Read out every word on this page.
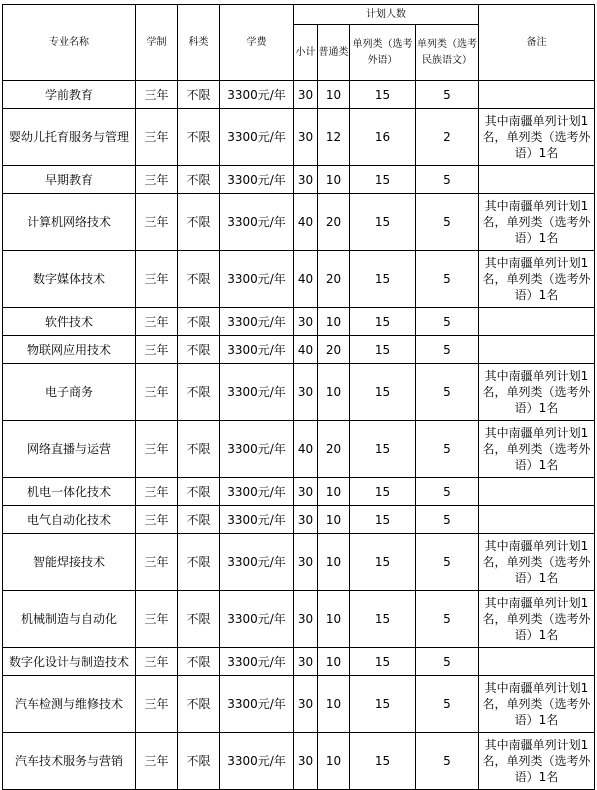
专业名称	学制	科类	学费	计划人数				备注
				小计	普通类	单列类（选考外语）	单列类（选考民族语文）	
学前教育	三年	不限	3300元/年	30	10	15	5	
婴幼儿托育服务与管理	三年	不限	3300元/年	30	12	16	2	其中南疆单列计划1
名，单列类（选考外
语）1名

早期教育	三年	不限	3300元/年	30	10	15	5	
计算机网络技术	三年	不限	3300元/年	40	20	15	5	其中南疆单列计划1
名，单列类（选考外
语）1名

数字媒体技术	三年	不限	3300元/年	40	20	15	5	其中南疆单列计划1
名，单列类（选考外
语）1名

软件技术	三年	不限	3300元/年	30	10	15	5	
物联网应用技术	三年	不限	3300元/年	40	20	15	5	
电子商务	三年	不限	3300元/年	30	10	15	5	其中南疆单列计划1
名，单列类（选考外
语）1名

网络直播与运营	三年	不限	3300元/年	40	20	15	5	其中南疆单列计划1
名，单列类（选考外
语）1名

机电一体化技术	三年	不限	3300元/年	30	10	15	5	
电气自动化技术	三年	不限	3300元/年	30	10	15	5	
智能焊接技术	三年	不限	3300元/年	30	10	15	5	其中南疆单列计划1
名，单列类（选考外
语）1名

机械制造与自动化	三年	不限	3300元/年	30	10	15	5	其中南疆单列计划1
名，单列类（选考外
语）1名

数字化设计与制造技术	三年	不限	3300元/年	30	10	15	5	
汽车检测与维修技术	三年	不限	3300元/年	30	10	15	5	其中南疆单列计划1
名，单列类（选考外
语）1名

汽车技术服务与营销	三年	不限	3300元/年	30	10	15	5	其中南疆单列计划1
名，单列类（选考外
语）1名
